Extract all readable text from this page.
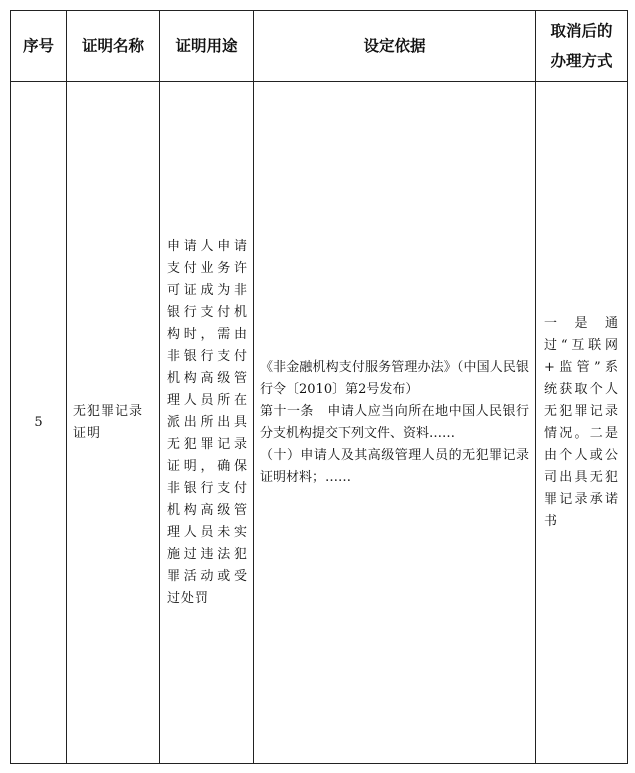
序号	证明名称	证明用途	设定依据	取消后的办理方式
5	无犯罪记录证明	申请人申请支付业务许可证成为非银行支付机构时，需由非银行支付机构高级管理人员所在派出所出具无犯罪记录证明，确保非银行支付机构高级管理人员未实施过违法犯罪活动或受过处罚	《非金融机构支付服务管理办法》（中国人民银行令〔2010〕第2号发布）

第十一条　申请人应当向所在地中国人民银行分支机构提交下列文件、资料……

（十）申请人及其高级管理人员的无犯罪记录证明材料；……	一是通过“互联网+监管”系统获取个人无犯罪记录情况。二是由个人或公司出具无犯罪记录承诺书
